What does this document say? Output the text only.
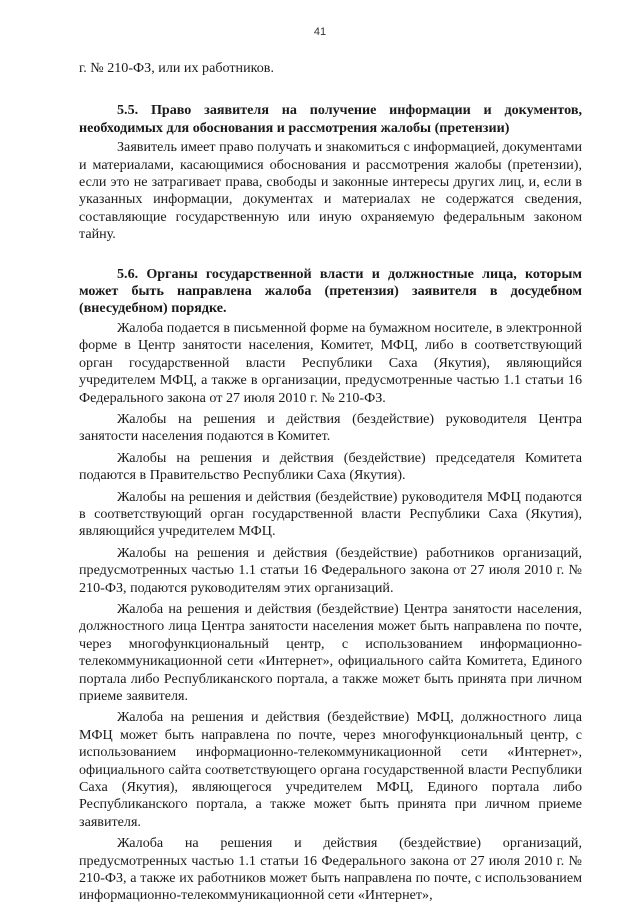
41

г. № 210-ФЗ, или их работников.

5.5. Право заявителя на получение информации и документов, необходимых для обоснования и рассмотрения жалобы (претензии)

Заявитель имеет право получать и знакомиться с информацией, документами и материалами, касающимися обоснования и рассмотрения жалобы (претензии), если это не затрагивает права, свободы и законные интересы других лиц, и, если в указанных информации, документах и материалах не содержатся сведения, составляющие государственную или иную охраняемую федеральным законом тайну.

5.6. Органы государственной власти и должностные лица, которым может быть направлена жалоба (претензия) заявителя в досудебном (внесудебном) порядке.

Жалоба подается в письменной форме на бумажном носителе, в электронной форме в Центр занятости населения, Комитет, МФЦ, либо в соответствующий орган государственной власти Республики Саха (Якутия), являющийся учредителем МФЦ, а также в организации, предусмотренные частью 1.1 статьи 16 Федерального закона от 27 июля 2010 г. № 210-ФЗ.

Жалобы на решения и действия (бездействие) руководителя Центра занятости населения подаются в Комитет.

Жалобы на решения и действия (бездействие) председателя Комитета подаются в Правительство Республики Саха (Якутия).

Жалобы на решения и действия (бездействие) руководителя МФЦ подаются в соответствующий орган государственной власти Республики Саха (Якутия), являющийся учредителем МФЦ.

Жалобы на решения и действия (бездействие) работников организаций, предусмотренных частью 1.1 статьи 16 Федерального закона от 27 июля 2010 г. № 210-ФЗ, подаются руководителям этих организаций.

Жалоба на решения и действия (бездействие) Центра занятости населения, должностного лица Центра занятости населения может быть направлена по почте, через многофункциональный центр, с использованием информационно-телекоммуникационной сети «Интернет», официального сайта Комитета, Единого портала либо Республиканского портала, а также может быть принята при личном приеме заявителя.

Жалоба на решения и действия (бездействие) МФЦ, должностного лица МФЦ может быть направлена по почте, через многофункциональный центр, с использованием информационно-телекоммуникационной сети «Интернет», официального сайта соответствующего органа государственной власти Республики Саха (Якутия), являющегося учредителем МФЦ, Единого портала либо Республиканского портала, а также может быть принята при личном приеме заявителя.

Жалоба на решения и действия (бездействие) организаций, предусмотренных частью 1.1 статьи 16 Федерального закона от 27 июля 2010 г. № 210-ФЗ, а также их работников может быть направлена по почте, с использованием информационно-телекоммуникационной сети «Интернет»,
